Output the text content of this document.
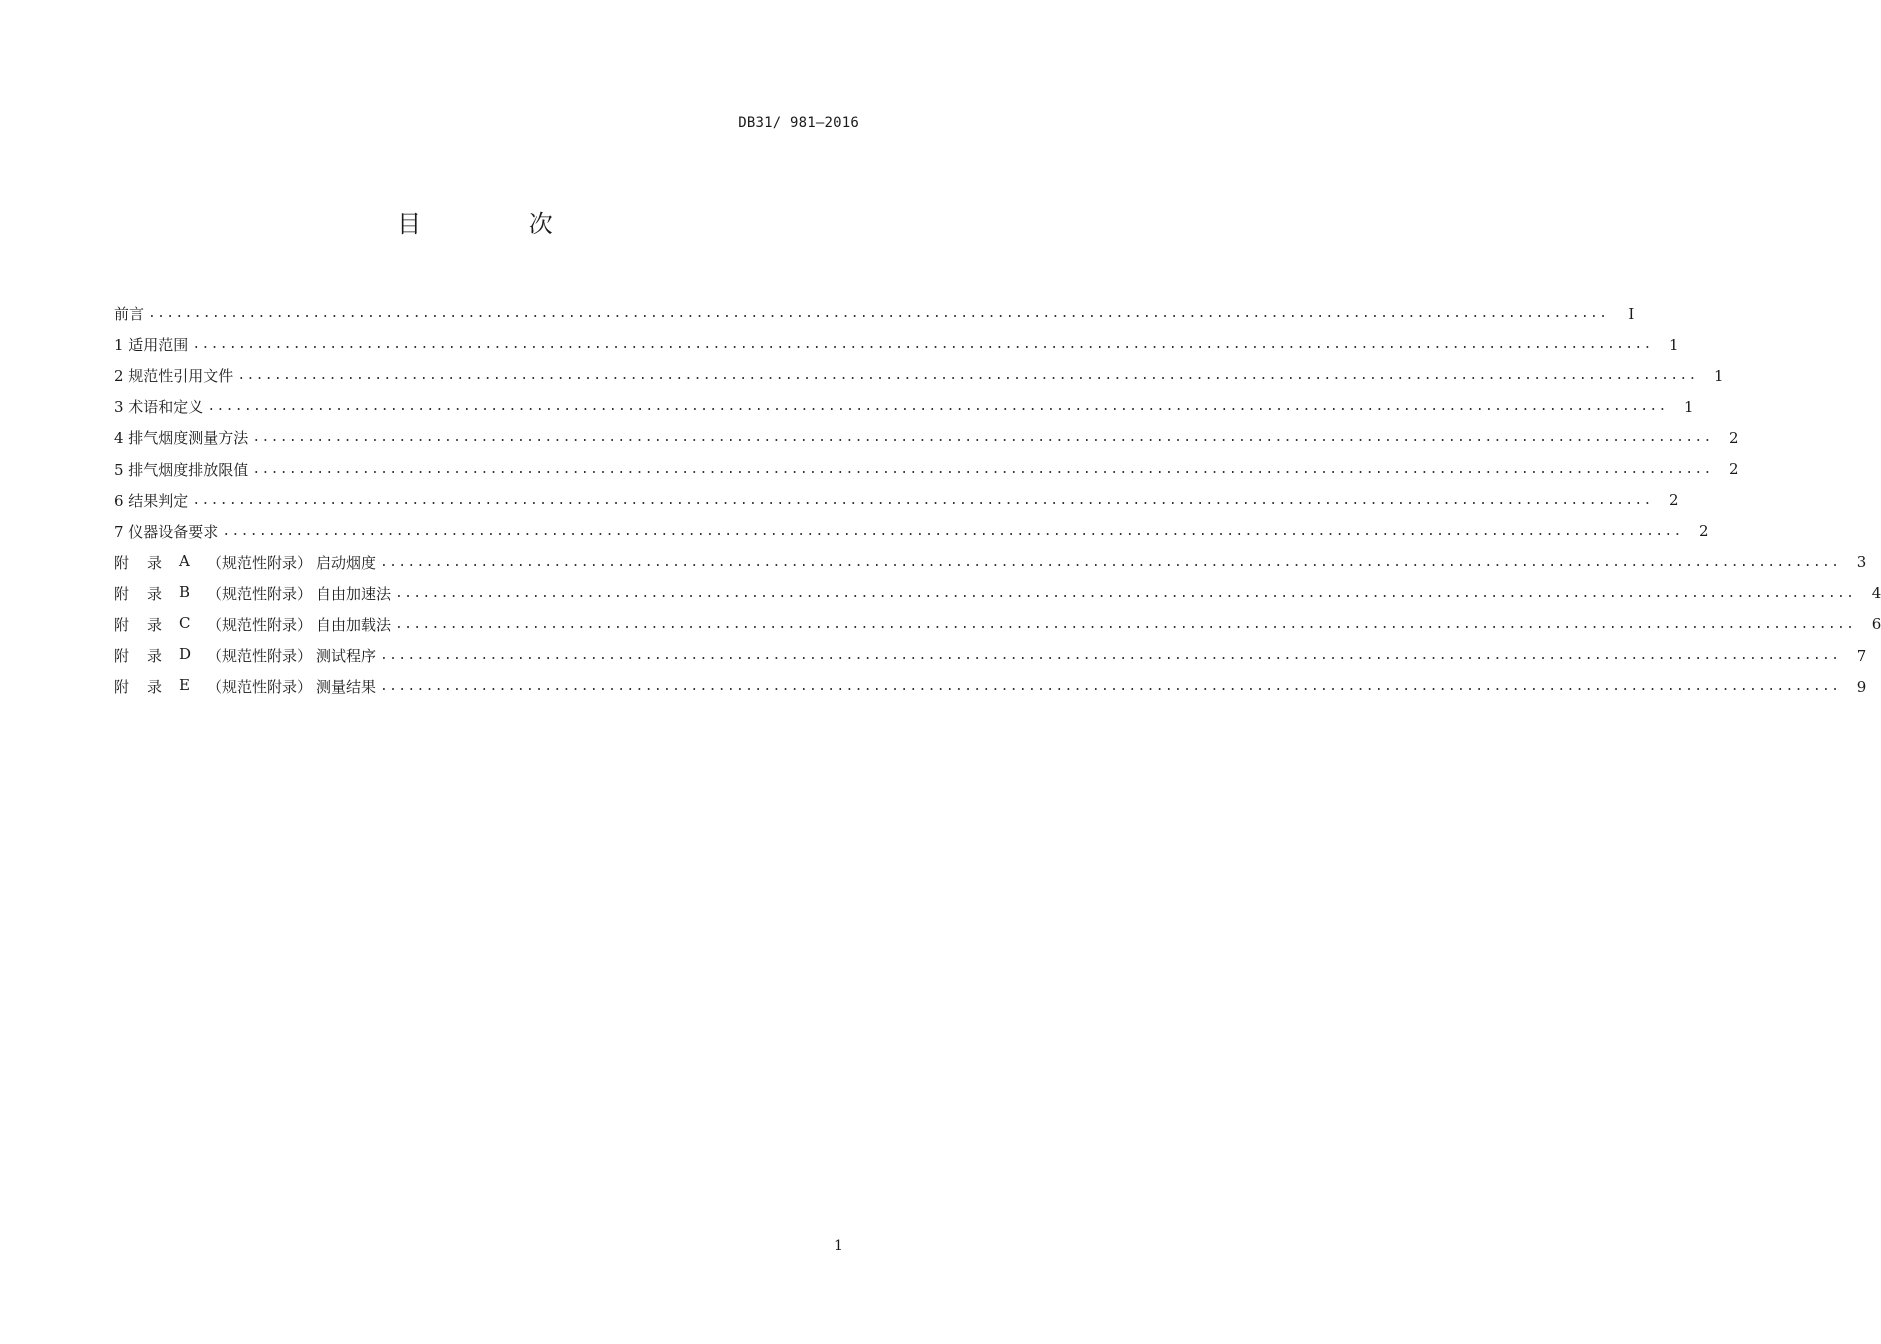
DB31/ 981—2016
目 次
前言 ................................................................................................................................................................	I
1 适用范围 ................................................................................................................................................................	1
2 规范性引用文件 ................................................................................................................................................................	1
3 术语和定义 ................................................................................................................................................................	1
4 排气烟度测量方法 ................................................................................................................................................................	2
5 排气烟度排放限值 ................................................................................................................................................................	2
6 结果判定 ................................................................................................................................................................	2
7 仪器设备要求 ................................................................................................................................................................	2
附	录	A	（规范性附录） 启动烟度 ................................................................................................................................................................	3
附	录	B	（规范性附录） 自由加速法 ................................................................................................................................................................	4
附	录	C	（规范性附录） 自由加载法 ................................................................................................................................................................	6
附	录	D	（规范性附录） 测试程序 ................................................................................................................................................................	7
附	录	E	（规范性附录） 测量结果 ................................................................................................................................................................	9
1
